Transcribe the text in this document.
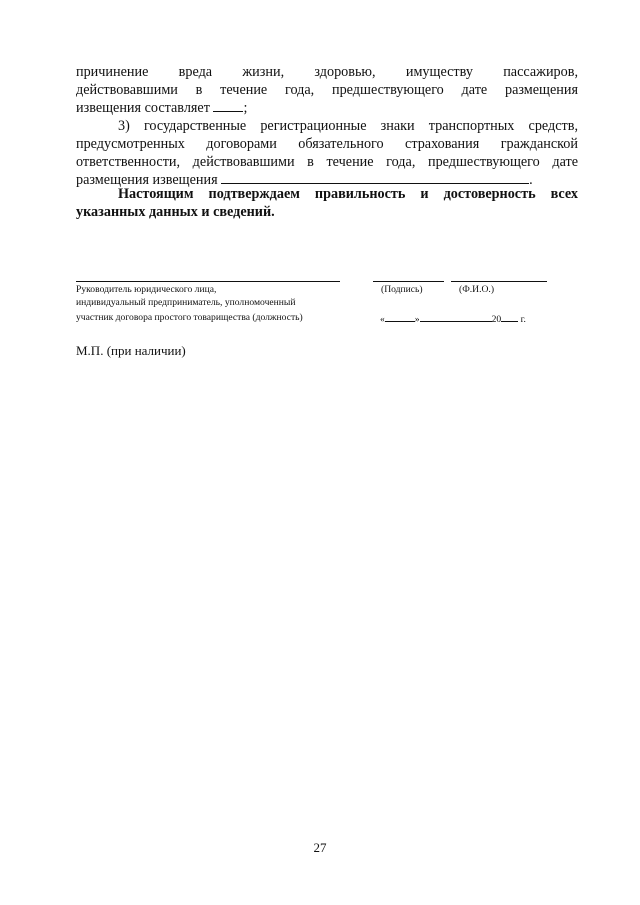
причинение вреда жизни, здоровью, имуществу пассажиров,
действовавшими в течение года, предшествующего дате размещения
извещения составляет ;
3) государственные регистрационные знаки транспортных средств,
предусмотренных договорами обязательного страхования гражданской
ответственности, действовавшими в течение года, предшествующего дате
размещения извещения	.
Настоящим подтверждаем правильность и достоверность всех
указанных данных и сведений.
Руководитель юридического лица,
индивидуальный предприниматель, уполномоченный
участник договора простого товарищества (должность)
(Подпись)	(Ф.И.О.)
«	»	20 г.
М.П. (при наличии)
27
